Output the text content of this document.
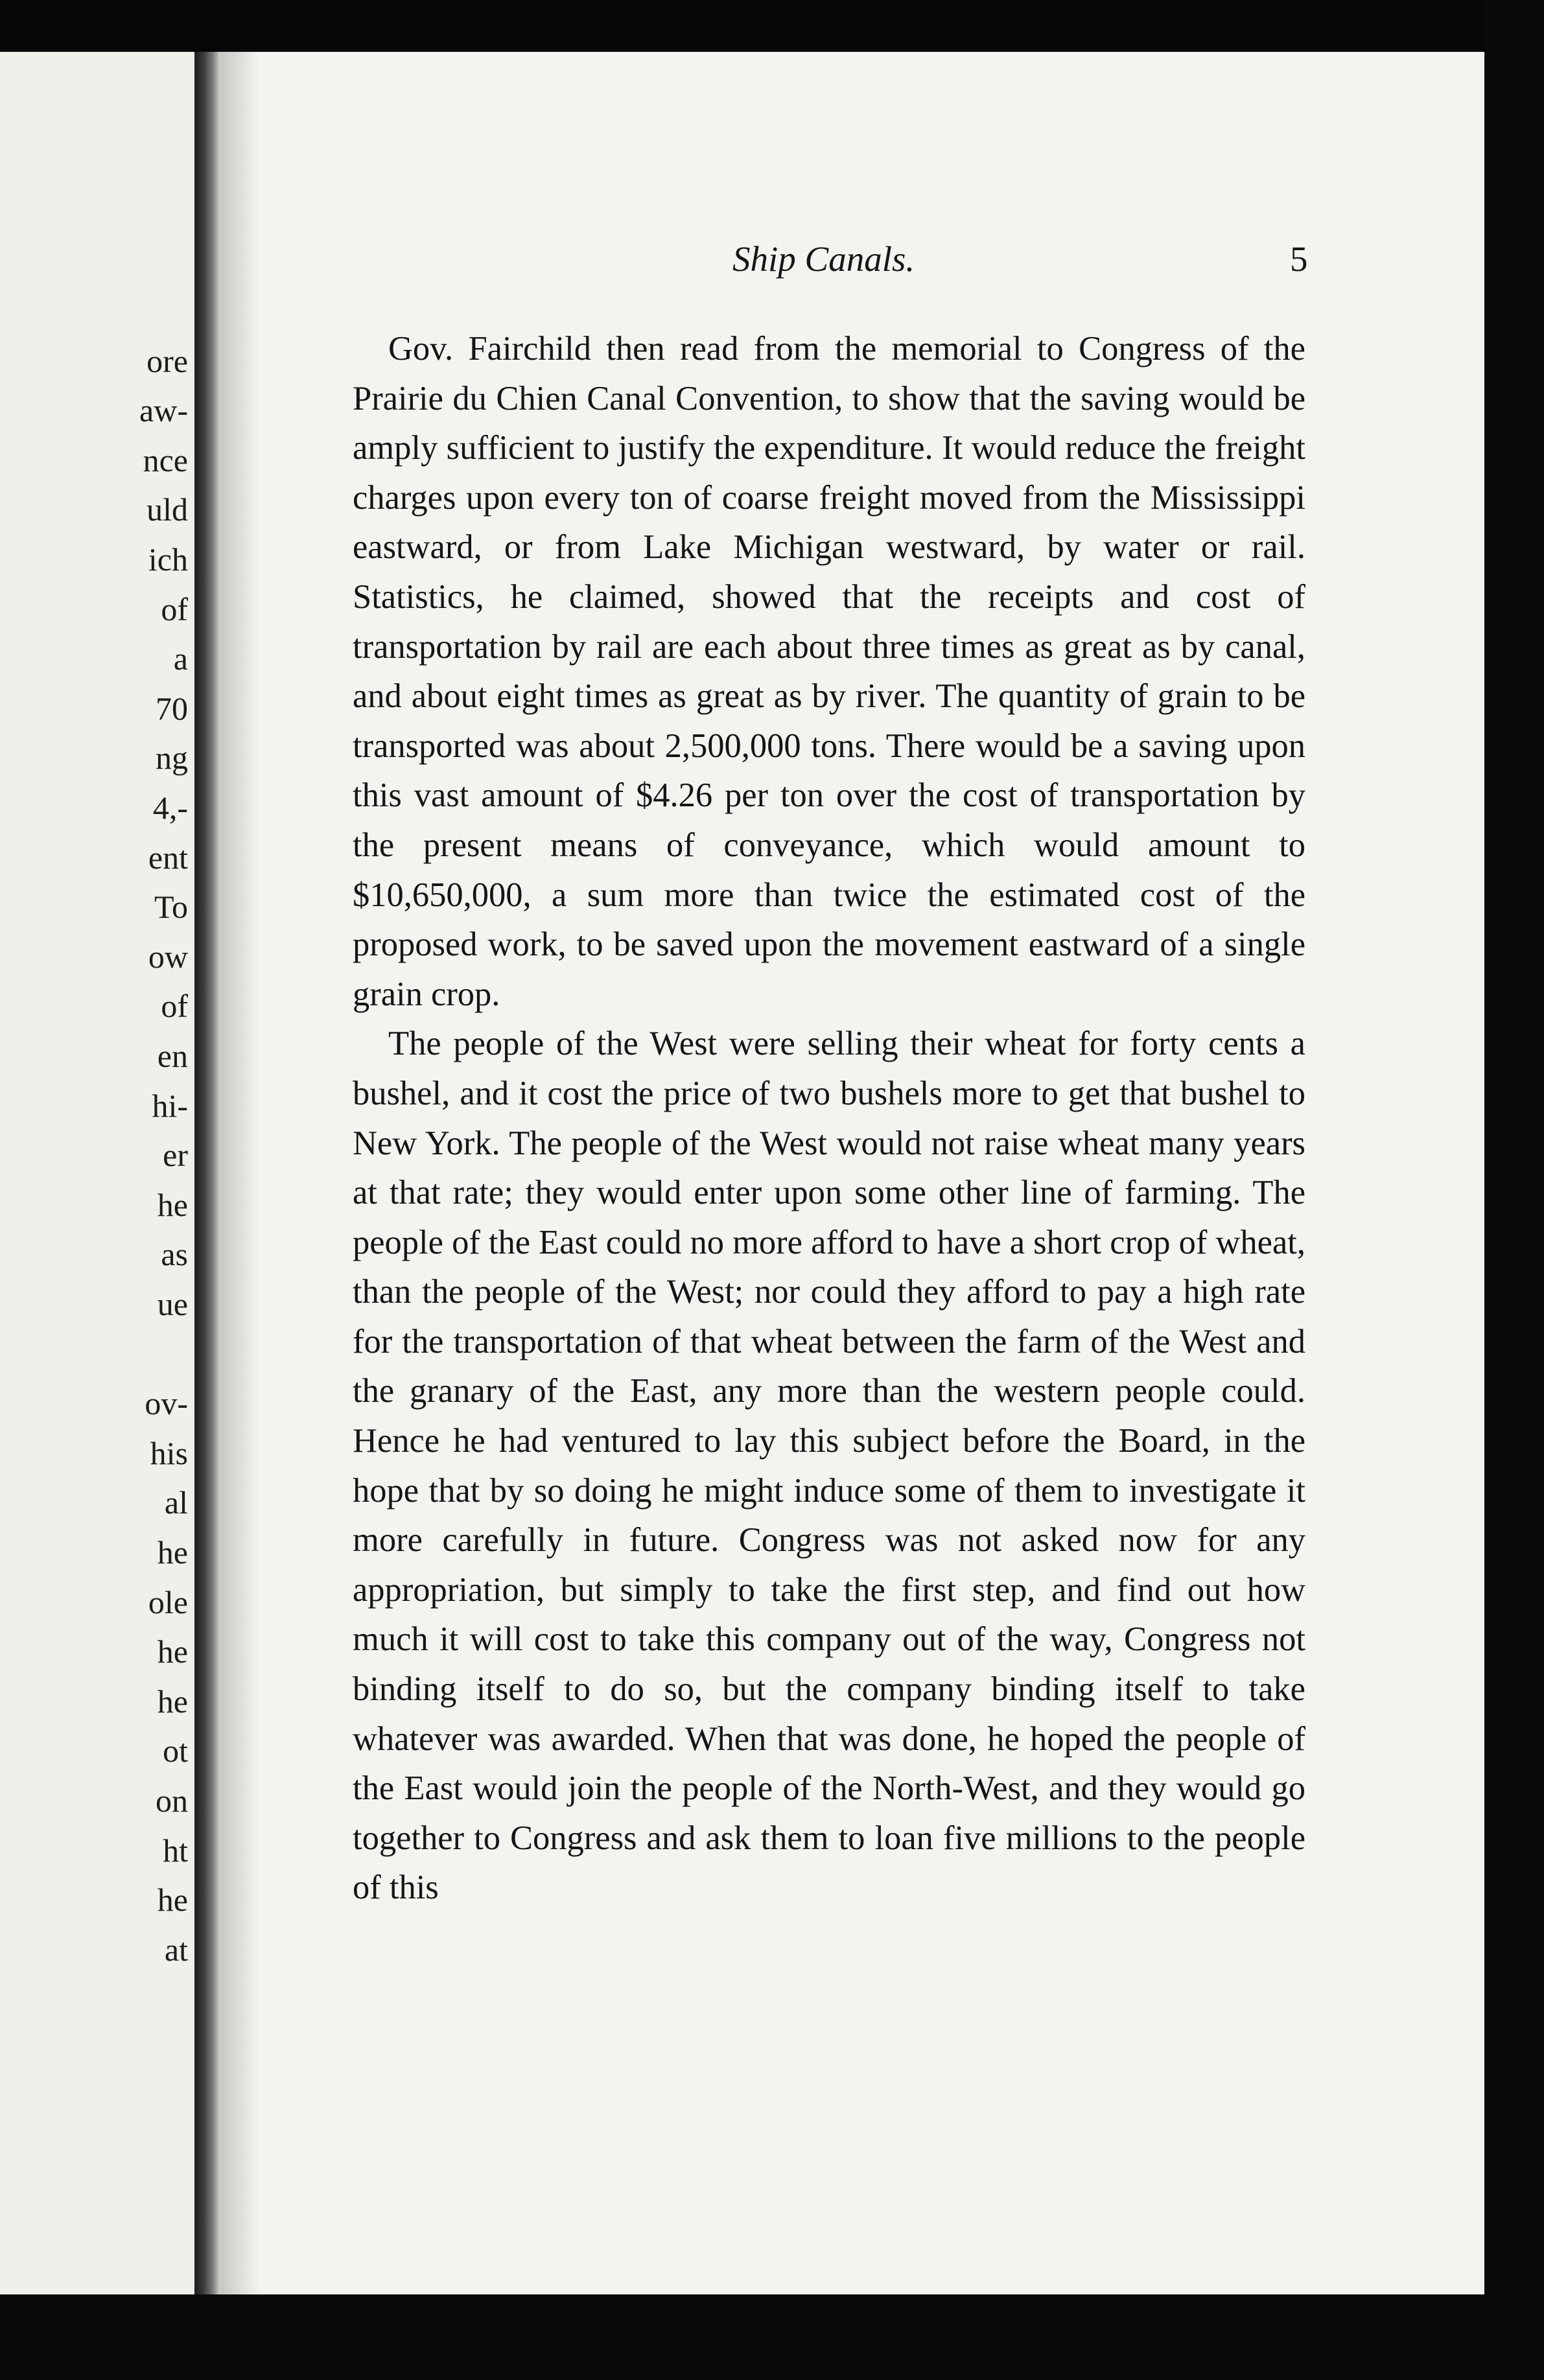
ore
aw-
nce
uld
ich
of
a
70
ng
4,-
ent
To
ow
of
en
hi-
er
he
as
ue
ov-
his
al
he
ole
he
he
ot
on
ht
he
at
Ship Canals.	5

Gov. Fairchild then read from the memorial to Congress of the Prairie du Chien Canal Convention, to show that the saving would be amply sufficient to justify the expenditure. It would reduce the freight charges upon every ton of coarse freight moved from the Mississippi eastward, or from Lake Michigan westward, by water or rail. Statistics, he claimed, showed that the receipts and cost of transportation by rail are each about three times as great as by canal, and about eight times as great as by river. The quantity of grain to be transported was about 2,500,000 tons. There would be a saving upon this vast amount of $4.26 per ton over the cost of transportation by the present means of conveyance, which would amount to $10,650,000, a sum more than twice the estimated cost of the proposed work, to be saved upon the movement eastward of a single grain crop.

The people of the West were selling their wheat for forty cents a bushel, and it cost the price of two bushels more to get that bushel to New York. The people of the West would not raise wheat many years at that rate; they would enter upon some other line of farming. The people of the East could no more afford to have a short crop of wheat, than the people of the West; nor could they afford to pay a high rate for the transportation of that wheat between the farm of the West and the granary of the East, any more than the western people could. Hence he had ventured to lay this subject before the Board, in the hope that by so doing he might induce some of them to investigate it more carefully in future. Congress was not asked now for any appropriation, but simply to take the first step, and find out how much it will cost to take this company out of the way, Congress not binding itself to do so, but the company binding itself to take whatever was awarded. When that was done, he hoped the people of the East would join the people of the North-West, and they would go together to Congress and ask them to loan five millions to the people of this
